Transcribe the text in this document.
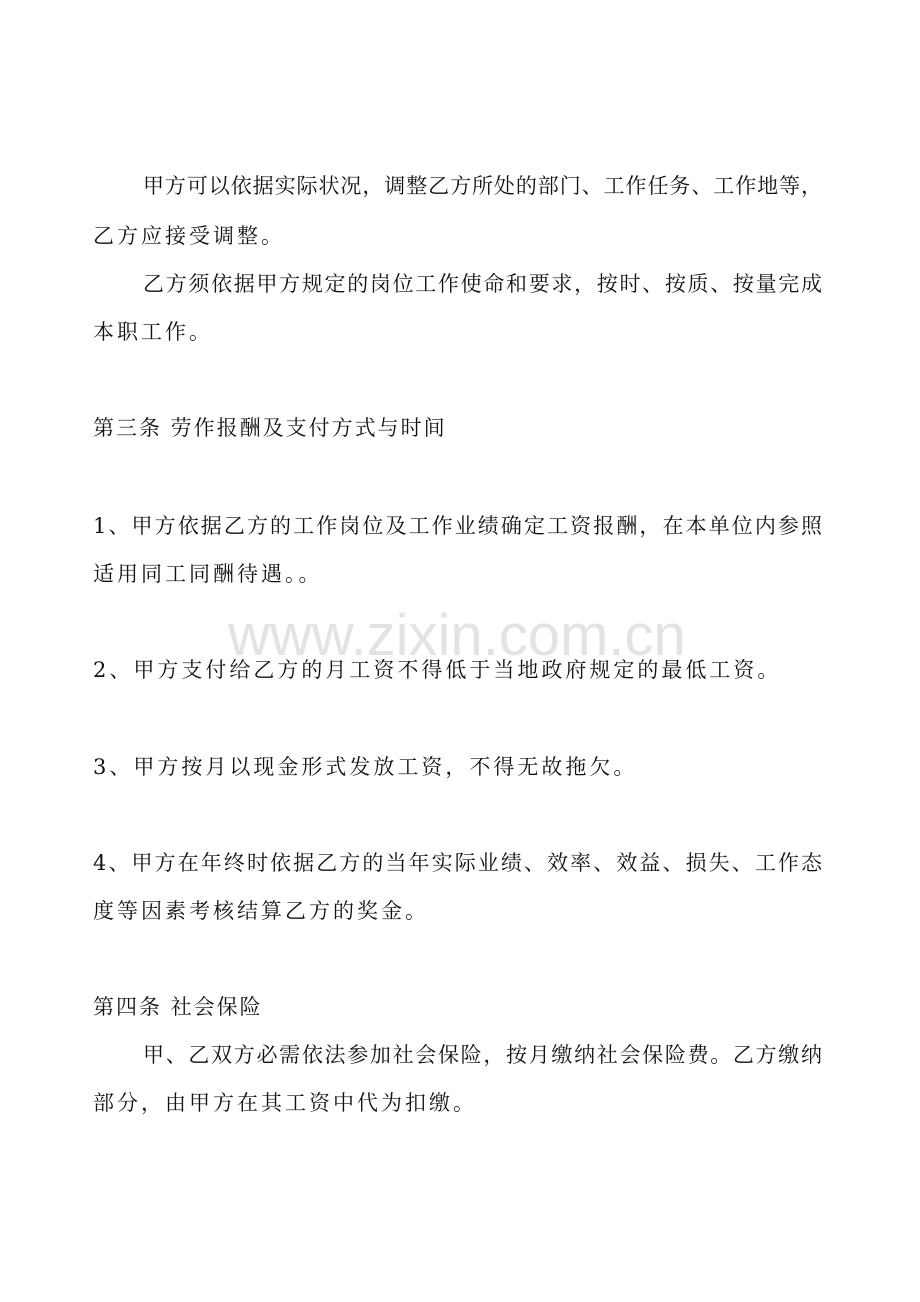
www.zixin.com.cn
甲方可以依据实际状况，调整乙方所处的部门、工作任务、工作地等，
乙方应接受调整。
乙方须依据甲方规定的岗位工作使命和要求，按时、按质、按量完成
本职工作。
第三条 劳作报酬及支付方式与时间
1、甲方依据乙方的工作岗位及工作业绩确定工资报酬，在本单位内参照
适用同工同酬待遇。。
2、甲方支付给乙方的月工资不得低于当地政府规定的最低工资。
3、甲方按月以现金形式发放工资，不得无故拖欠。
4、甲方在年终时依据乙方的当年实际业绩、效率、效益、损失、工作态
度等因素考核结算乙方的奖金。
第四条 社会保险
甲、乙双方必需依法参加社会保险，按月缴纳社会保险费。乙方缴纳
部分，由甲方在其工资中代为扣缴。
